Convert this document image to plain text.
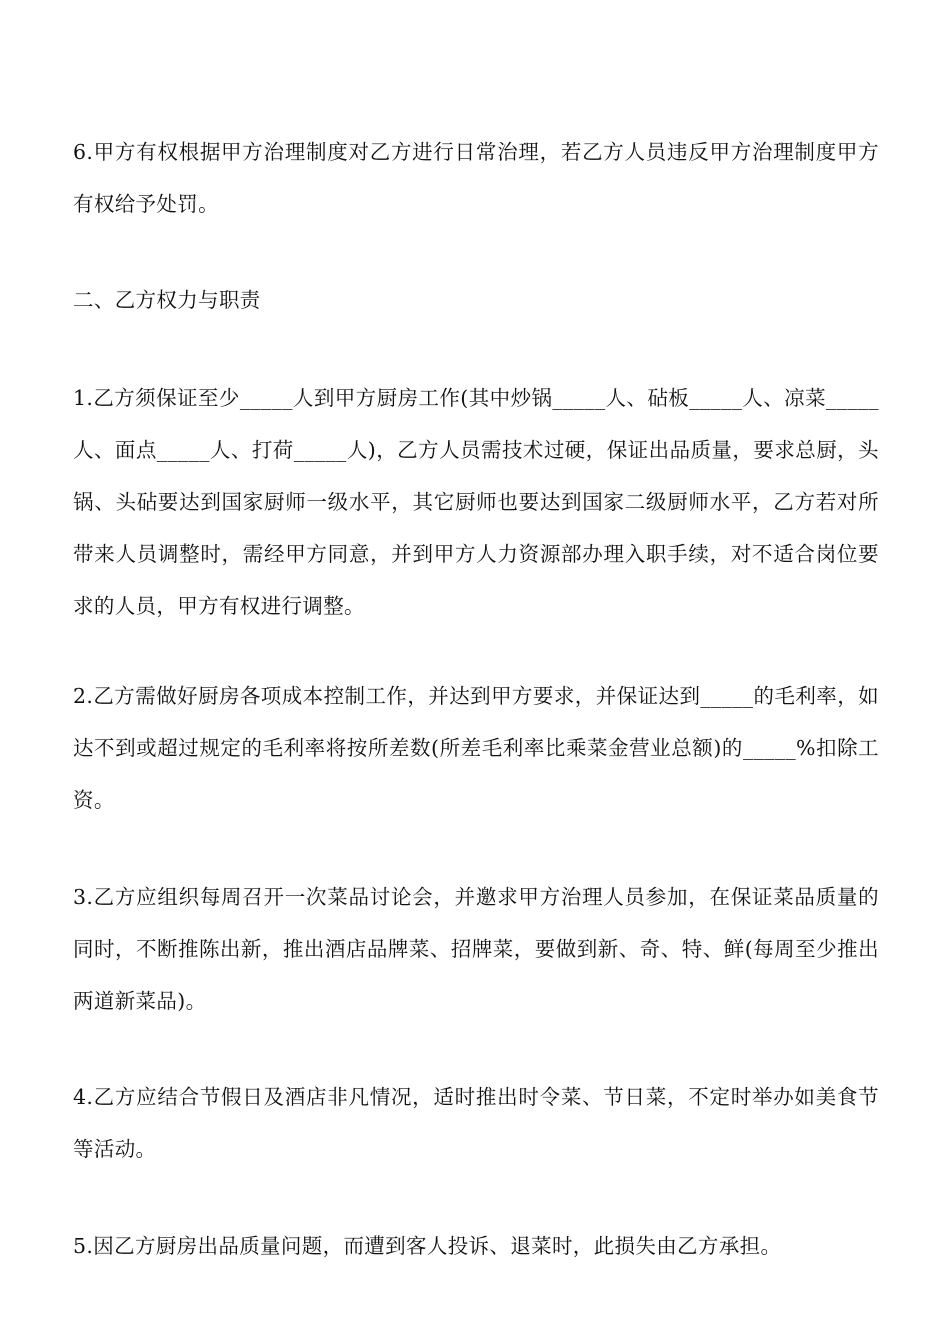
6.甲方有权根据甲方治理制度对乙方进行日常治理，若乙方人员违反甲方治理制度甲方有权给予处罚。

二、乙方权力与职责

1.乙方须保证至少_____人到甲方厨房工作(其中炒锅_____人、砧板_____人、凉菜_____人、面点_____人、打荷_____人)，乙方人员需技术过硬，保证出品质量，要求总厨，头锅、头砧要达到国家厨师一级水平，其它厨师也要达到国家二级厨师水平，乙方若对所带来人员调整时，需经甲方同意，并到甲方人力资源部办理入职手续，对不适合岗位要求的人员，甲方有权进行调整。

2.乙方需做好厨房各项成本控制工作，并达到甲方要求，并保证达到_____的毛利率，如达不到或超过规定的毛利率将按所差数(所差毛利率比乘菜金营业总额)的_____%扣除工资。

3.乙方应组织每周召开一次菜品讨论会，并邀求甲方治理人员参加，在保证菜品质量的同时，不断推陈出新，推出酒店品牌菜、招牌菜，要做到新、奇、特、鲜(每周至少推出两道新菜品)。

4.乙方应结合节假日及酒店非凡情况，适时推出时令菜、节日菜，不定时举办如美食节等活动。

5.因乙方厨房出品质量问题，而遭到客人投诉、退菜时，此损失由乙方承担。
